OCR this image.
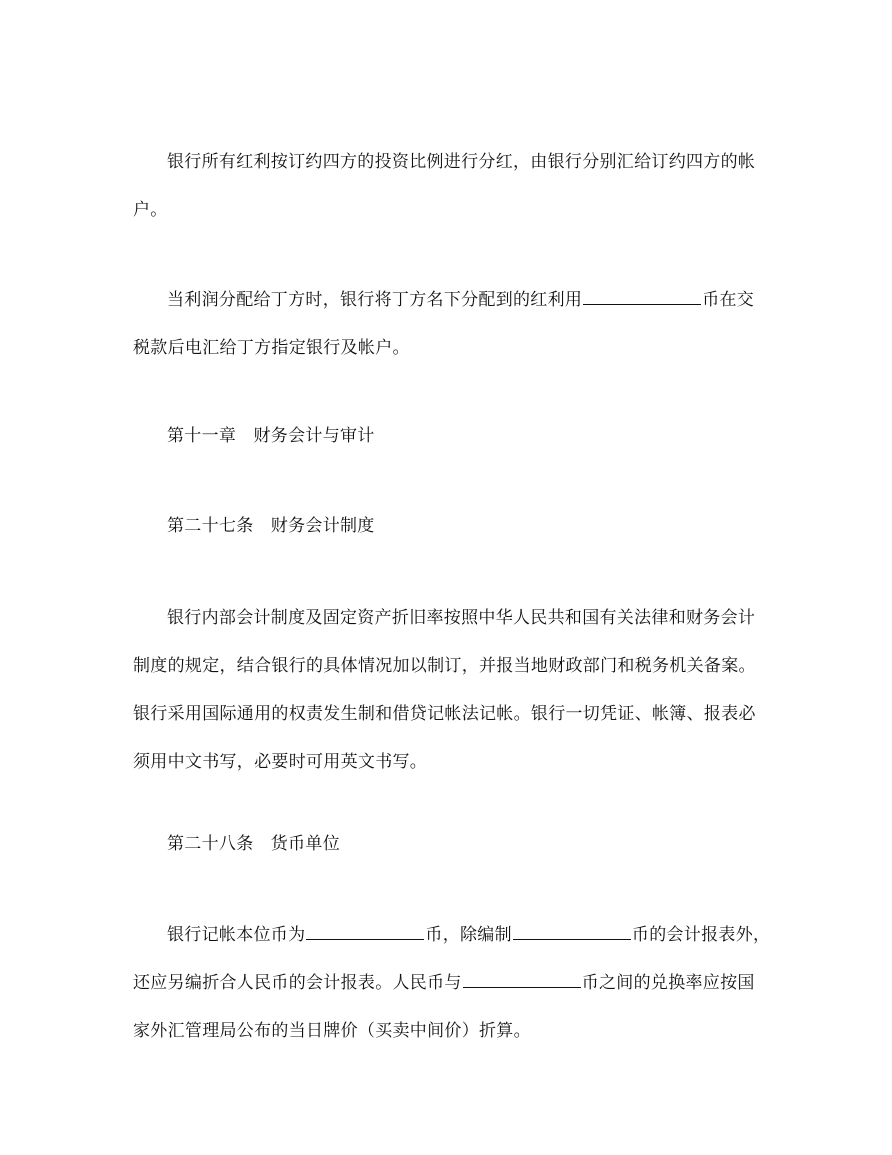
银行所有红利按订约四方的投资比例进行分红，由银行分别汇给订约四方的帐
户。
当利润分配给丁方时，银行将丁方名下分配到的红利用	币在交
税款后电汇给丁方指定银行及帐户。
第十一章　财务会计与审计
第二十七条　财务会计制度
银行内部会计制度及固定资产折旧率按照中华人民共和国有关法律和财务会计
制度的规定，结合银行的具体情况加以制订，并报当地财政部门和税务机关备案。
银行采用国际通用的权责发生制和借贷记帐法记帐。银行一切凭证、帐簿、报表必
须用中文书写，必要时可用英文书写。
第二十八条　货币单位
银行记帐本位币为	币，除编制	币的会计报表外，
还应另编折合人民币的会计报表。人民币与	币之间的兑换率应按国
家外汇管理局公布的当日牌价（买卖中间价）折算。
